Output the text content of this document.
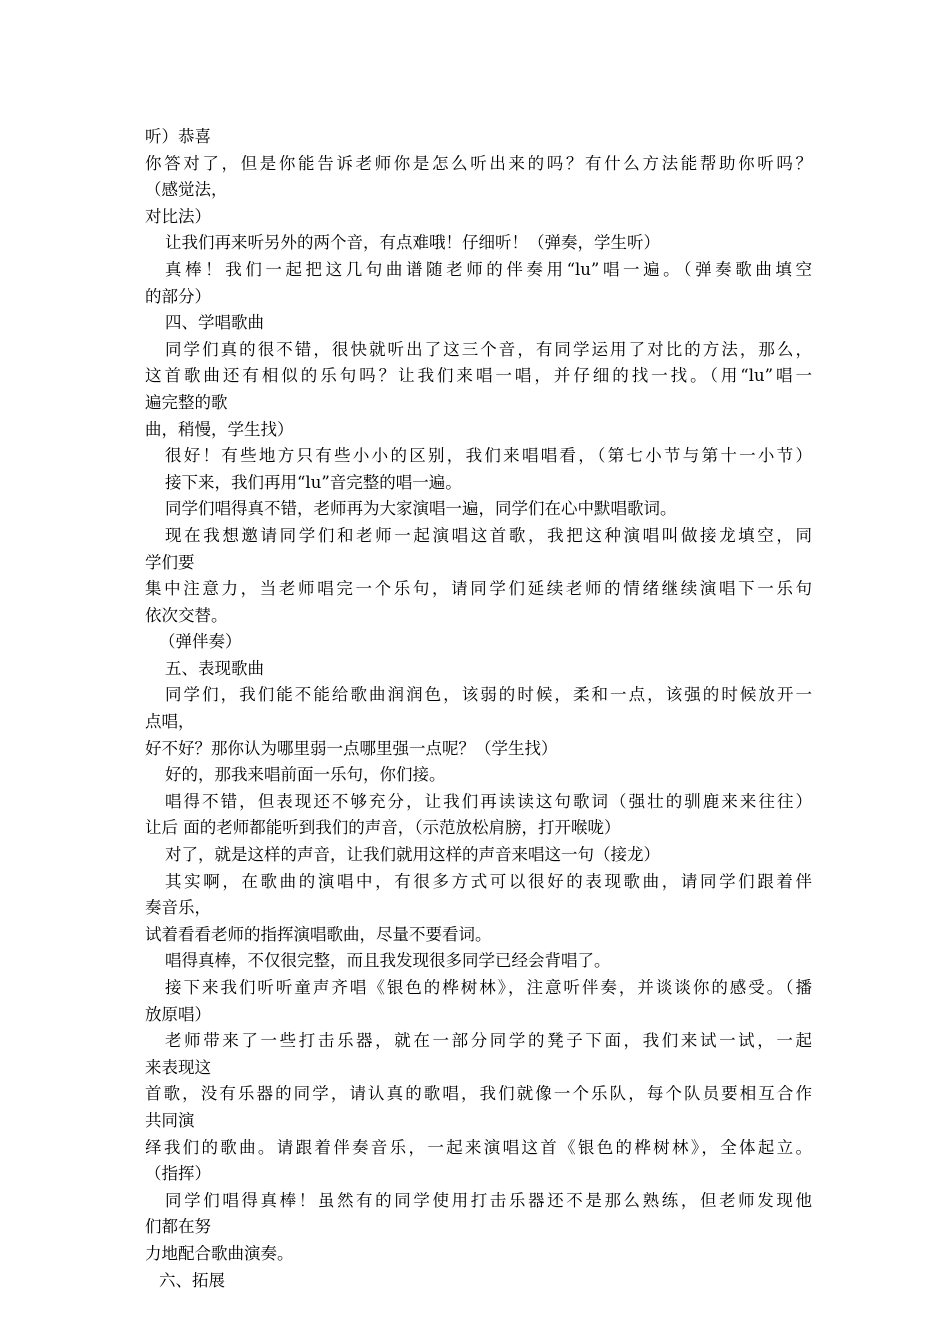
听）恭喜
你答对了，但是你能告诉老师你是怎么听出来的吗？有什么方法能帮助你听吗？
（感觉法，
对比法）
让我们再来听另外的两个音，有点难哦！仔细听！（弹奏，学生听）
真棒！我们一起把这几句曲谱随老师的伴奏用“lu”唱一遍。（弹奏歌曲填空
的部分）
四、学唱歌曲
同学们真的很不错，很快就听出了这三个音，有同学运用了对比的方法，那么，
这首歌曲还有相似的乐句吗？让我们来唱一唱，并仔细的找一找。（用“lu”唱一
遍完整的歌
曲，稍慢，学生找）
很好！有些地方只有些小小的区别，我们来唱唱看，（第七小节与第十一小节）
接下来，我们再用“lu”音完整的唱一遍。
同学们唱得真不错，老师再为大家演唱一遍，同学们在心中默唱歌词。
现在我想邀请同学们和老师一起演唱这首歌，我把这种演唱叫做接龙填空，同
学们要
集中注意力，当老师唱完一个乐句，请同学们延续老师的情绪继续演唱下一乐句
依次交替。
（弹伴奏）
五、表现歌曲
同学们，我们能不能给歌曲润润色，该弱的时候，柔和一点，该强的时候放开一
点唱，
好不好？那你认为哪里弱一点哪里强一点呢？（学生找）
好的，那我来唱前面一乐句，你们接。
唱得不错，但表现还不够充分，让我们再读读这句歌词（强壮的驯鹿来来往往）
让后 面的老师都能听到我们的声音，（示范放松肩膀，打开喉咙）
对了，就是这样的声音，让我们就用这样的声音来唱这一句（接龙）
其实啊，在歌曲的演唱中，有很多方式可以很好的表现歌曲，请同学们跟着伴
奏音乐，
试着看看老师的指挥演唱歌曲，尽量不要看词。
唱得真棒，不仅很完整，而且我发现很多同学已经会背唱了。
接下来我们听听童声齐唱《银色的桦树林》，注意听伴奏，并谈谈你的感受。（播
放原唱）
老师带来了一些打击乐器，就在一部分同学的凳子下面，我们来试一试，一起
来表现这
首歌，没有乐器的同学，请认真的歌唱，我们就像一个乐队，每个队员要相互合作
共同演
绎我们的歌曲。请跟着伴奏音乐，一起来演唱这首《银色的桦树林》，全体起立。
（指挥）
同学们唱得真棒！虽然有的同学使用打击乐器还不是那么熟练，但老师发现他
们都在努
力地配合歌曲演奏。
六、拓展
